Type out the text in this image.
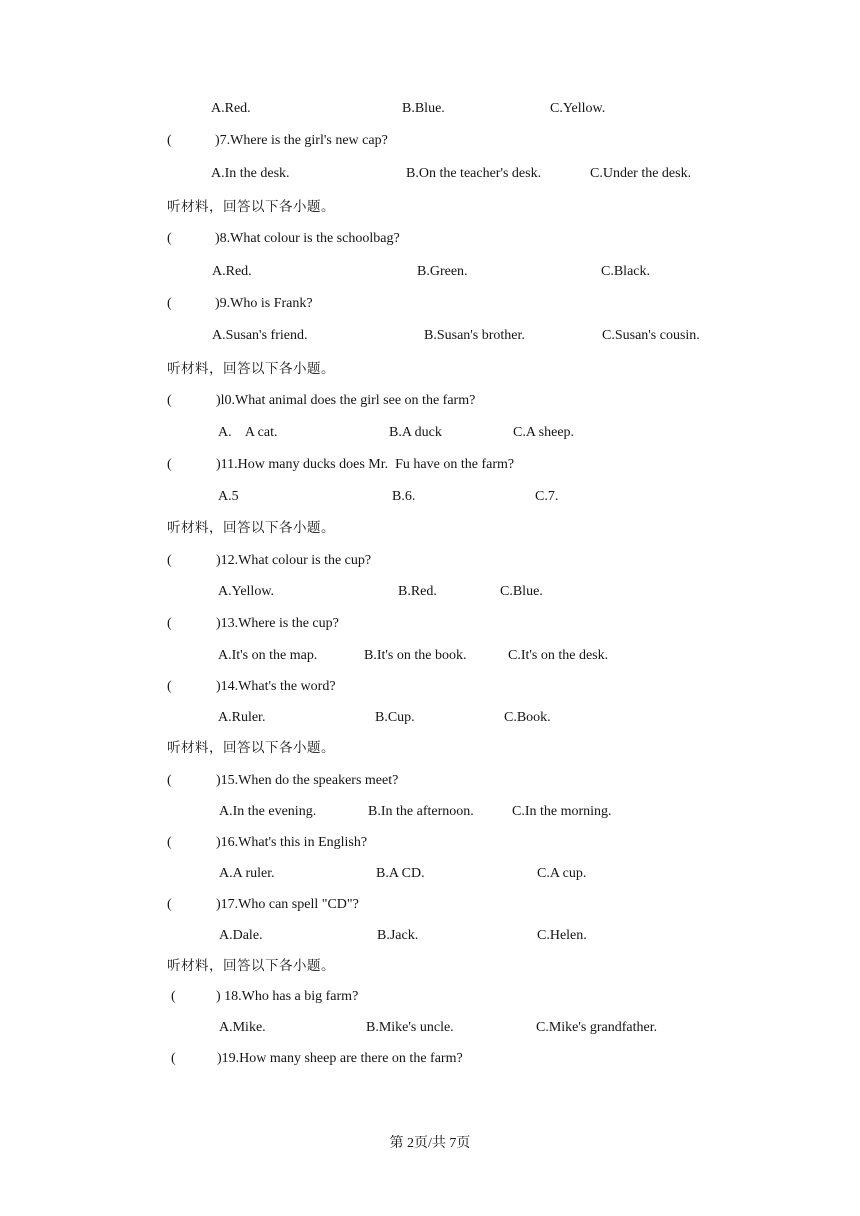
A.Red.	B.Blue.	C.Yellow.
(	)7.Where is the girl's new cap?
A.In the desk.	B.On the teacher's desk.	C.Under the desk.
听材料，回答以下各小题。
(	)8.What colour is the schoolbag?
A.Red.	B.Green.	C.Black.
(	)9.Who is Frank?
A.Susan's friend.	B.Susan's brother.	C.Susan's cousin.
听材料，回答以下各小题。
(	)l0.What animal does the girl see on the farm?
A.    A cat.	B.A duck	C.A sheep.
(	)11.How many ducks does Mr.  Fu have on the farm?
A.5	B.6.	C.7.
听材料，回答以下各小题。
(	)12.What colour is the cup?
A.Yellow.	B.Red.	C.Blue.
(	)13.Where is the cup?
A.It's on the map.	B.It's on the book.	C.It's on the desk.
(	)14.What's the word?
A.Ruler.	B.Cup.	C.Book.
听材料，回答以下各小题。
(	)15.When do the speakers meet?
A.In the evening.	B.In the afternoon.	C.In the morning.
(	)16.What's this in English?
A.A ruler.	B.A CD.	C.A cup.
(	)17.Who can spell "CD"?
A.Dale.	B.Jack.	C.Helen.
听材料，回答以下各小题。
(	) 18.Who has a big farm?
A.Mike.	B.Mike's uncle.	C.Mike's grandfather.
(	)19.How many sheep are there on the farm?
第 2页/共 7页
